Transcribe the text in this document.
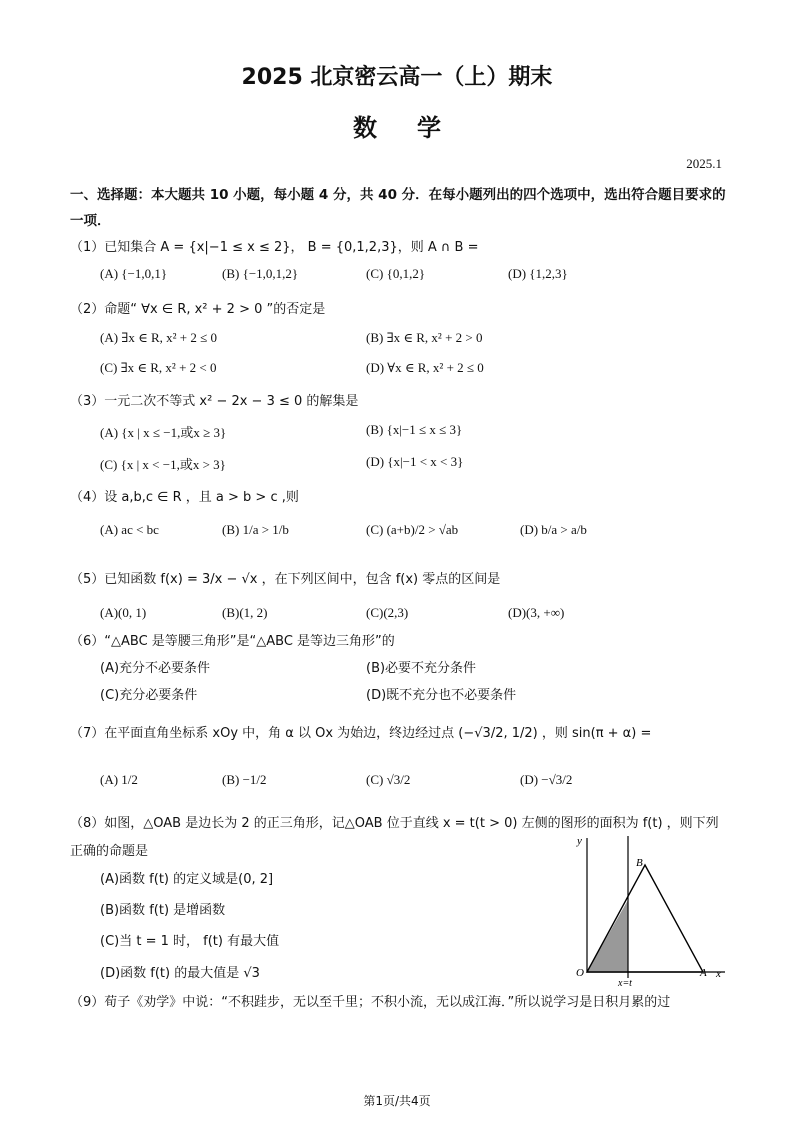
2025 北京密云高一（上）期末
数学
2025.1
一、选择题：本大题共 10 小题，每小题 4 分，共 40 分．在每小题列出的四个选项中，选出符合题目要求的一项．
（1）已知集合 A = {x|−1 ≤ x ≤ 2}， B = {0,1,2,3}，则 A ∩ B =
(A) {−1,0,1}	(B) {−1,0,1,2}	(C) {0,1,2}	(D) {1,2,3}
（2）命题“ ∀x ∈ R, x² + 2 > 0 ”的否定是
(A) ∃x ∈ R, x² + 2 ≤ 0	(B) ∃x ∈ R, x² + 2 > 0
(C) ∃x ∈ R, x² + 2 < 0	(D) ∀x ∈ R, x² + 2 ≤ 0
（3）一元二次不等式 x² − 2x − 3 ≤ 0 的解集是
(A) {x | x ≤ −1,或x ≥ 3}	(B) {x|−1 ≤ x ≤ 3}
(C) {x | x < −1,或x > 3}	(D) {x|−1 < x < 3}
（4）设 a,b,c ∈ R ，且 a > b > c ,则
(A) ac < bc	(B) 1/a > 1/b	(C) (a+b)/2 > √ab	(D) b/a > a/b
（5）已知函数 f(x) = 3/x − √x ，在下列区间中，包含 f(x) 零点的区间是
(A)(0, 1)	(B)(1, 2)	(C)(2,3)	(D)(3, +∞)
（6）“△ABC 是等腰三角形”是“△ABC 是等边三角形”的
(A)充分不必要条件	(B)必要不充分条件
(C)充分必要条件	(D)既不充分也不必要条件
（7）在平面直角坐标系 xOy 中，角 α 以 Ox 为始边，终边经过点 (−√3/2, 1/2) ，则 sin(π + α) =
(A) 1/2	(B) −1/2	(C) √3/2	(D) −√3/2
（8）如图，△OAB 是边长为 2 的正三角形，记△OAB 位于直线 x = t(t > 0) 左侧的图形的面积为 f(t) ，则下列正确的命题是
(A)函数 f(t) 的定义域是(0, 2]
(B)函数 f(t) 是增函数
(C)当 t = 1 时， f(t) 有最大值
(D)函数 f(t) 的最大值是 √3
y
x
O	A
B
x=t
（9）荀子《劝学》中说：“不积跬步，无以至千里；不积小流，无以成江海．”所以说学习是日积月累的过
第1页/共4页
